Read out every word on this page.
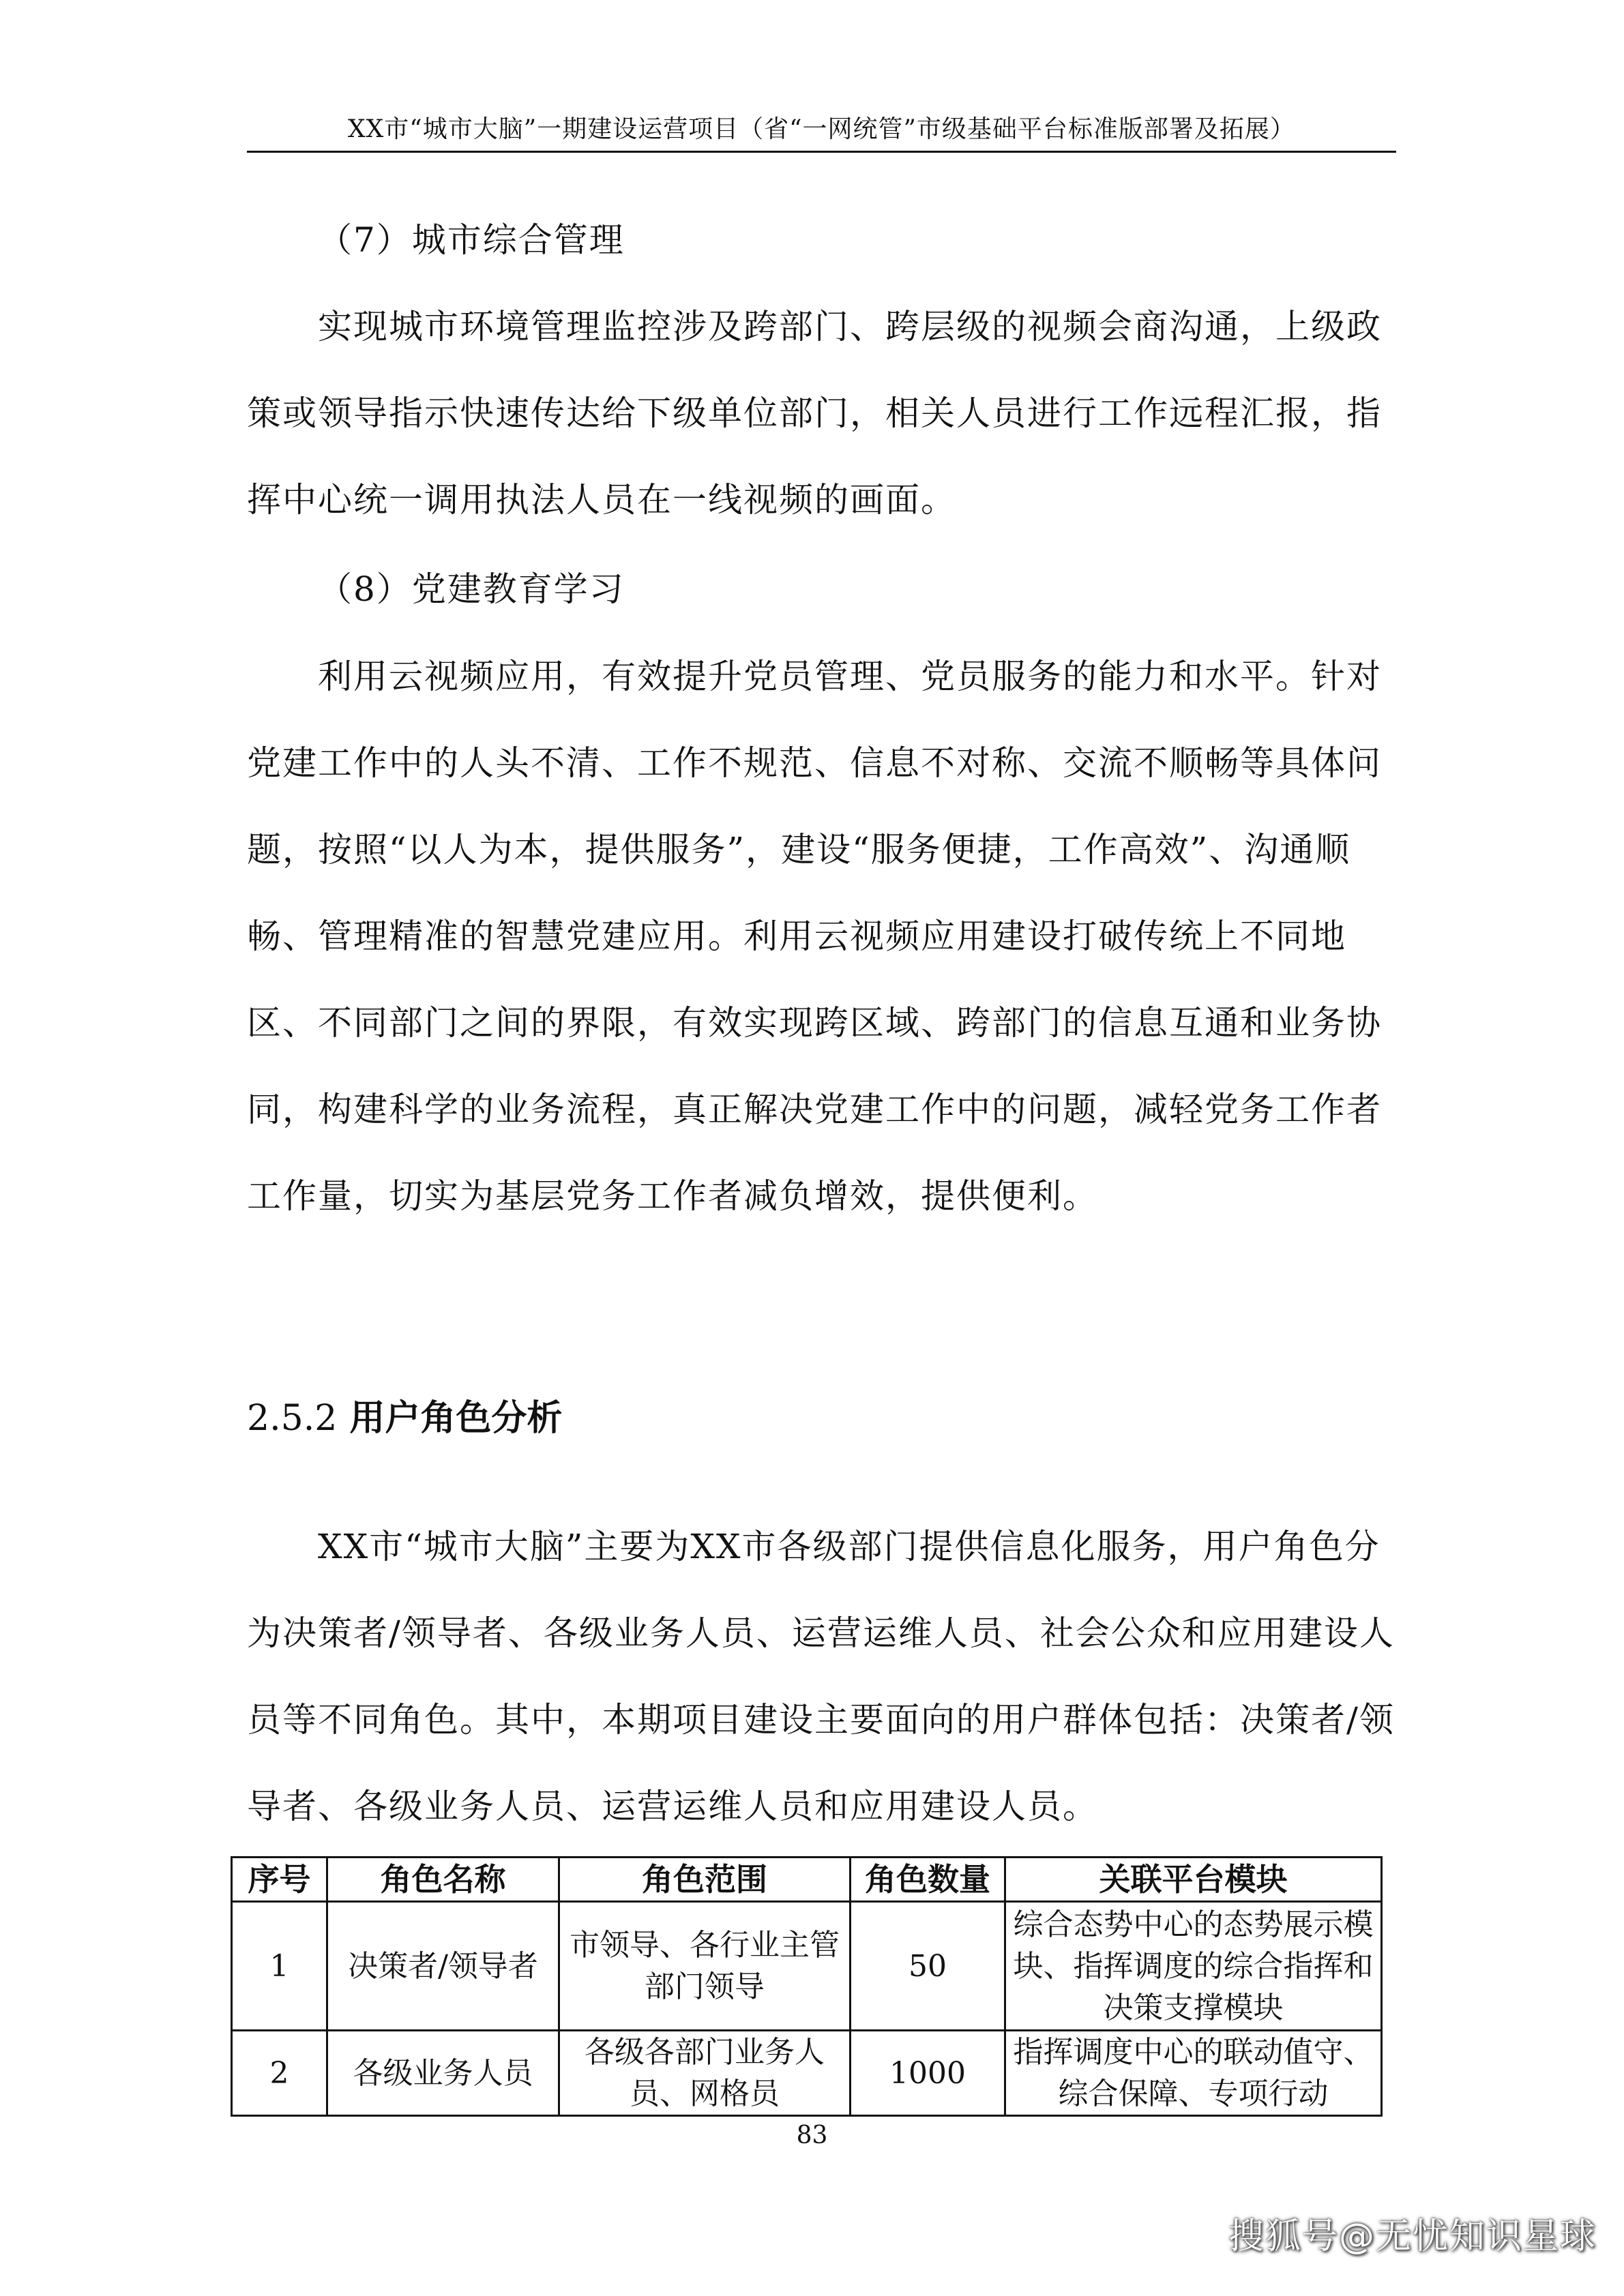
XX市“城市大脑”一期建设运营项目（省“一网统管”市级基础平台标准版部署及拓展）

（7）城市综合管理

实现城市环境管理监控涉及跨部门、跨层级的视频会商沟通，上级政策或领导指示快速传达给下级单位部门，相关人员进行工作远程汇报，指挥中心统一调用执法人员在一线视频的画面。

（8）党建教育学习

利用云视频应用，有效提升党员管理、党员服务的能力和水平。针对党建工作中的人头不清、工作不规范、信息不对称、交流不顺畅等具体问题，按照“以人为本，提供服务”，建设“服务便捷，工作高效”、沟通顺畅、管理精准的智慧党建应用。利用云视频应用建设打破传统上不同地区、不同部门之间的界限，有效实现跨区域、跨部门的信息互通和业务协同，构建科学的业务流程，真正解决党建工作中的问题，减轻党务工作者工作量，切实为基层党务工作者减负增效，提供便利。

2.5.2 用户角色分析

XX市“城市大脑”主要为XX市各级部门提供信息化服务，用户角色分为决策者/领导者、各级业务人员、运营运维人员、社会公众和应用建设人员等不同角色。其中，本期项目建设主要面向的用户群体包括：决策者/领导者、各级业务人员、运营运维人员和应用建设人员。

序号	角色名称	角色范围	角色数量	关联平台模块
1	决策者/领导者	市领导、各行业主管部门领导	50	综合态势中心的态势展示模块、指挥调度的综合指挥和决策支撑模块
2	各级业务人员	各级各部门业务人员、网格员	1000	指挥调度中心的联动值守、综合保障、专项行动
83
搜狐号@无忧知识星球
